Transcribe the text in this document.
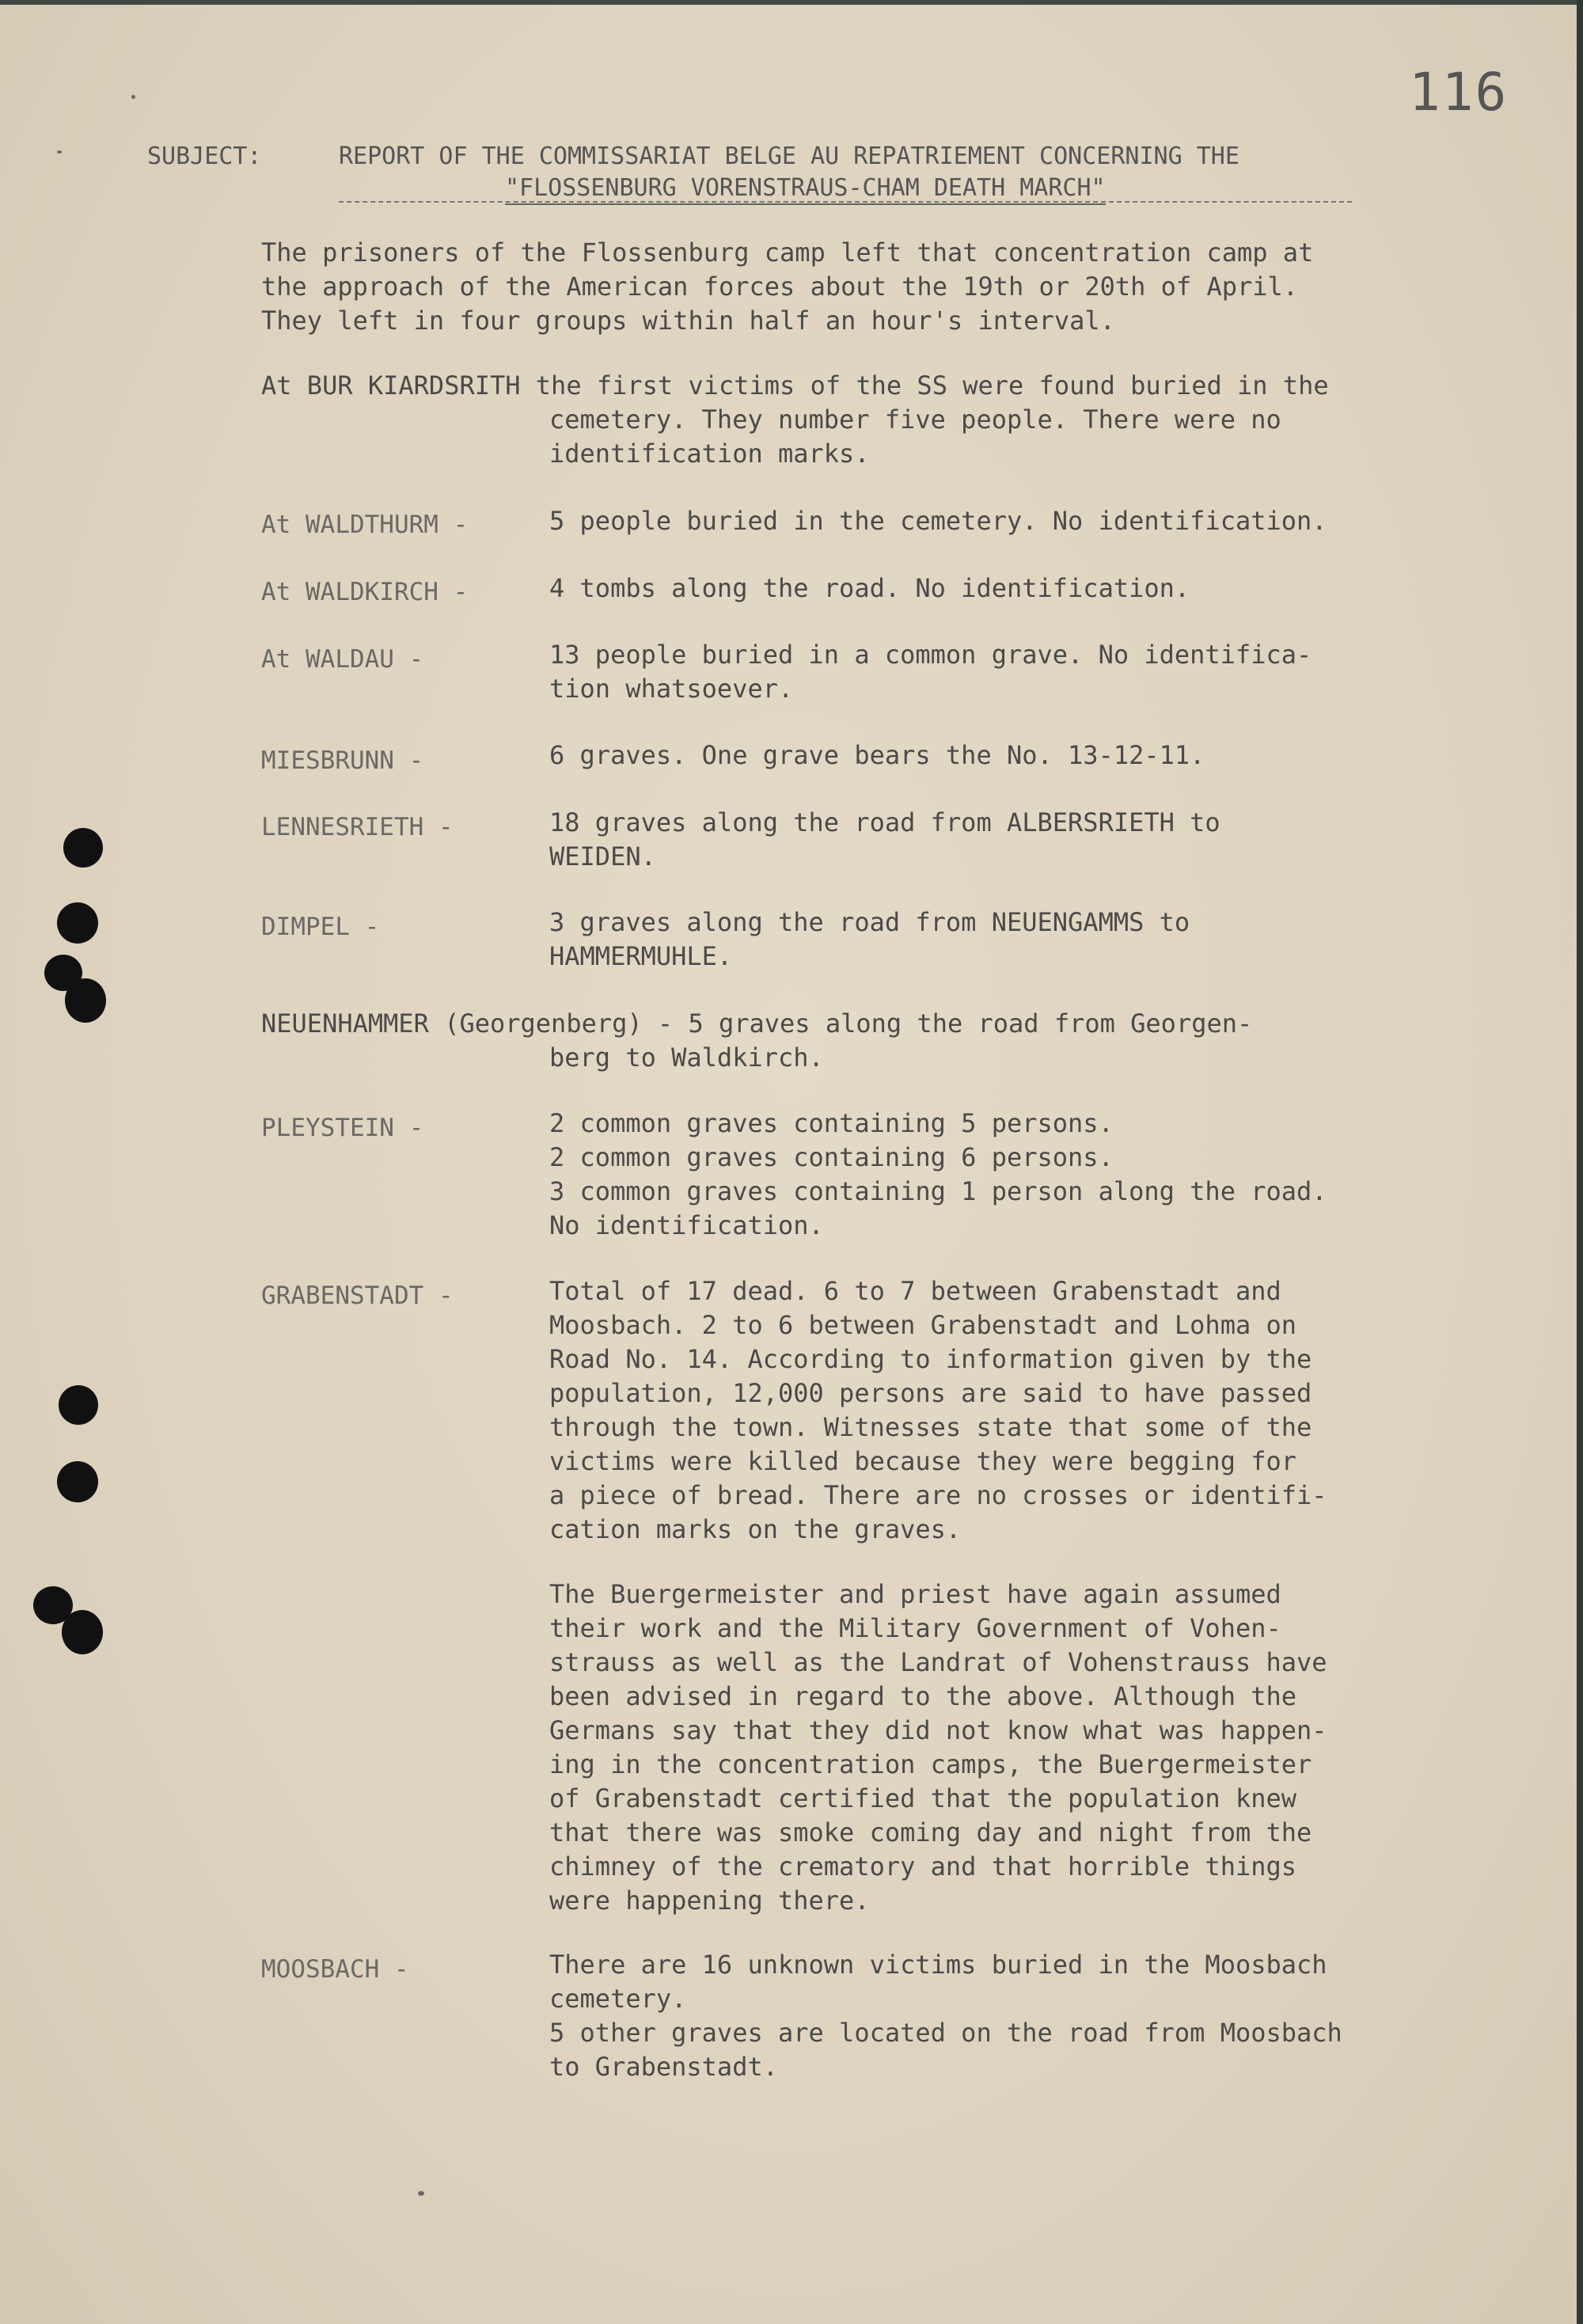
116
SUBJECT:	REPORT OF THE COMMISSARIAT BELGE AU REPATRIEMENT CONCERNING THE
"FLOSSENBURG VORENSTRAUS-CHAM DEATH MARCH"
The prisoners of the Flossenburg camp left that concentration camp at
the approach of the American forces about the 19th or 20th of April.
They left in four groups within half an hour's interval.
At BUR KIARDSRITH the first victims of the SS were found buried in the
cemetery. They number five people. There were no
identification marks.
At WALDTHURM -	5 people buried in the cemetery. No identification.
At WALDKIRCH -	4 tombs along the road. No identification.
At WALDAU -	13 people buried in a common grave. No identifica-
tion whatsoever.
MIESBRUNN -	6 graves. One grave bears the No. 13-12-11.
LENNESRIETH -	18 graves along the road from ALBERSRIETH to
WEIDEN.
DIMPEL -	3 graves along the road from NEUENGAMMS to
HAMMERMUHLE.
NEUENHAMMER (Georgenberg) - 5 graves along the road from Georgen-
berg to Waldkirch.
PLEYSTEIN -	2 common graves containing 5 persons.
2 common graves containing 6 persons.
3 common graves containing 1 person along the road.
No identification.
GRABENSTADT -	Total of 17 dead. 6 to 7 between Grabenstadt and
Moosbach. 2 to 6 between Grabenstadt and Lohma on
Road No. 14. According to information given by the
population, 12,000 persons are said to have passed
through the town. Witnesses state that some of the
victims were killed because they were begging for
a piece of bread. There are no crosses or identifi-
cation marks on the graves.
The Buergermeister and priest have again assumed
their work and the Military Government of Vohen-
strauss as well as the Landrat of Vohenstrauss have
been advised in regard to the above. Although the
Germans say that they did not know what was happen-
ing in the concentration camps, the Buergermeister
of Grabenstadt certified that the population knew
that there was smoke coming day and night from the
chimney of the crematory and that horrible things
were happening there.
MOOSBACH -	There are 16 unknown victims buried in the Moosbach
cemetery.
5 other graves are located on the road from Moosbach
to Grabenstadt.
